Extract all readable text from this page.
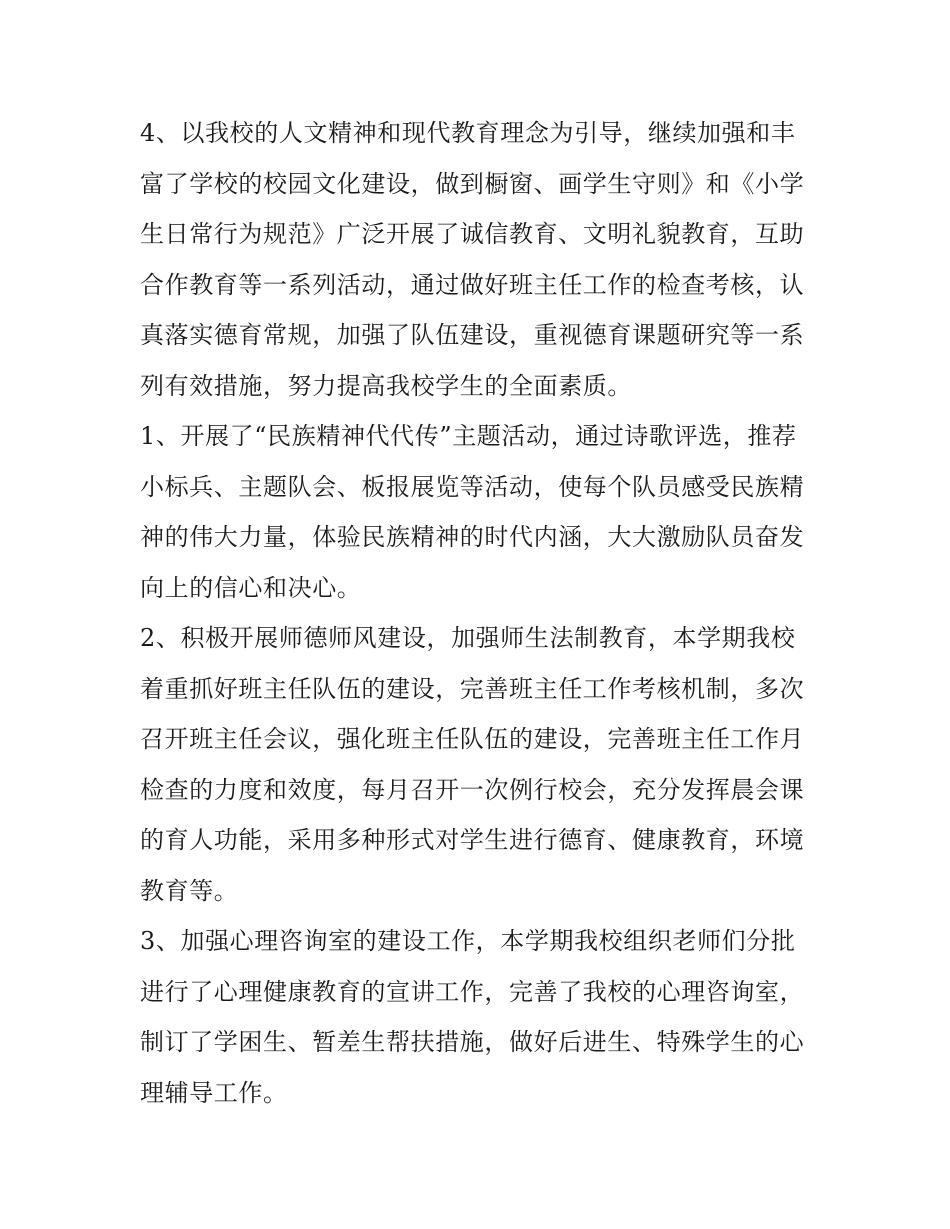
4、以我校的人文精神和现代教育理念为引导，继续加强和丰
富了学校的校园文化建设，做到橱窗、画学生守则》和《小学
生日常行为规范》广泛开展了诚信教育、文明礼貌教育，互助
合作教育等一系列活动，通过做好班主任工作的检查考核，认
真落实德育常规，加强了队伍建设，重视德育课题研究等一系
列有效措施，努力提高我校学生的全面素质。
1、开展了“民族精神代代传”主题活动，通过诗歌评选，推荐
小标兵、主题队会、板报展览等活动，使每个队员感受民族精
神的伟大力量，体验民族精神的时代内涵，大大激励队员奋发
向上的信心和决心。
2、积极开展师德师风建设，加强师生法制教育，本学期我校
着重抓好班主任队伍的建设，完善班主任工作考核机制，多次
召开班主任会议，强化班主任队伍的建设，完善班主任工作月
检查的力度和效度，每月召开一次例行校会，充分发挥晨会课
的育人功能，采用多种形式对学生进行德育、健康教育，环境
教育等。
3、加强心理咨询室的建设工作，本学期我校组织老师们分批
进行了心理健康教育的宣讲工作，完善了我校的心理咨询室，
制订了学困生、暂差生帮扶措施，做好后进生、特殊学生的心
理辅导工作。
